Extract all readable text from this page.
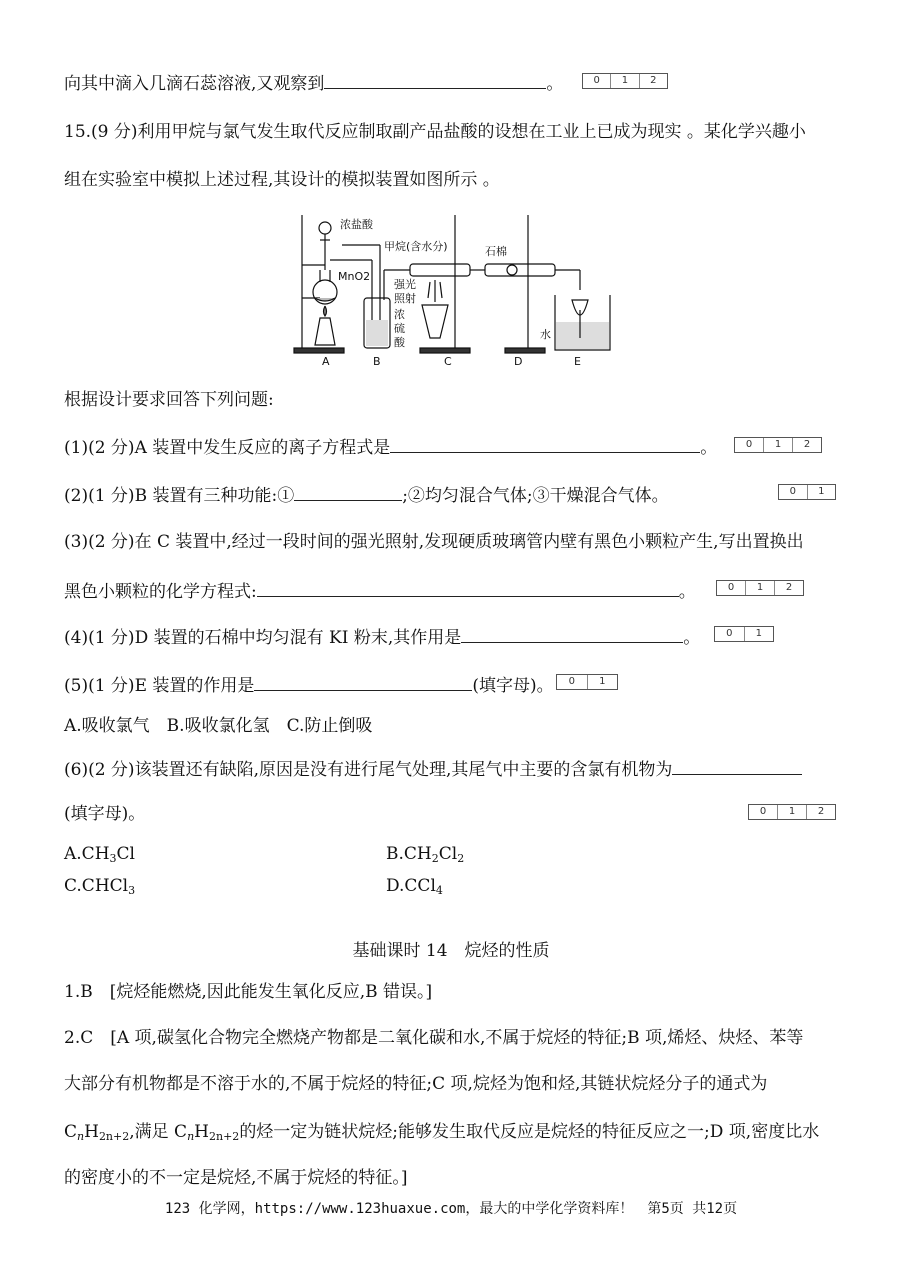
向其中滴入几滴石蕊溶液,又观察到	。	0	1	2
15.(9 分)利用甲烷与氯气发生取代反应制取副产品盐酸的设想在工业上已成为现实 。某化学兴趣小
组在实验室中模拟上述过程,其设计的模拟装置如图所示 。
浓盐酸
MnO2
甲烷(含水分)	石棉
强光
照射
浓
硫
酸
水
A	B	C	D	E
根据设计要求回答下列问题:
(1)(2 分)A 装置中发生反应的离子方程式是	。	0	1	2
(2)(1 分)B 装置有三种功能:①	;②均匀混合气体;③干燥混合气体。	0	1
(3)(2 分)在 C 装置中,经过一段时间的强光照射,发现硬质玻璃管内壁有黑色小颗粒产生,写出置换出
黑色小颗粒的化学方程式:	。	0	1	2
(4)(1 分)D 装置的石棉中均匀混有 KI 粉末,其作用是	。	0	1
(5)(1 分)E 装置的作用是	(填字母)。	0	1
A.吸收氯气　B.吸收氯化氢　C.防止倒吸
(6)(2 分)该装置还有缺陷,原因是没有进行尾气处理,其尾气中主要的含氯有机物为
(填字母)。	0	1	2
$A.CH_3Cl$	$B.CH_2Cl_2$
C.CHCl$_3$	D.CCl$_4$
基础课时 14　烷烃的性质
1.B　[烷烃能燃烧,因此能发生氧化反应,B 错误。]
2.C　[A 项,碳氢化合物完全燃烧产物都是二氧化碳和水,不属于烷烃的特征;B 项,烯烃、炔烃、苯等
大部分有机物都是不溶于水的,不属于烷烃的特征;C 项,烷烃为饱和烃,其链状烷烃分子的通式为
$C_nH_{2n+2}$,满足 $C_nH_{2n+2}$的烃一定为链状烷烃;能够发生取代反应是烷烃的特征反应之一;D 项,密度比水
的密度小的不一定是烷烃,不属于烷烃的特征。]
123 化学网，https://www.123huaxue.com，最大的中学化学资料库！　第5页 共12页
